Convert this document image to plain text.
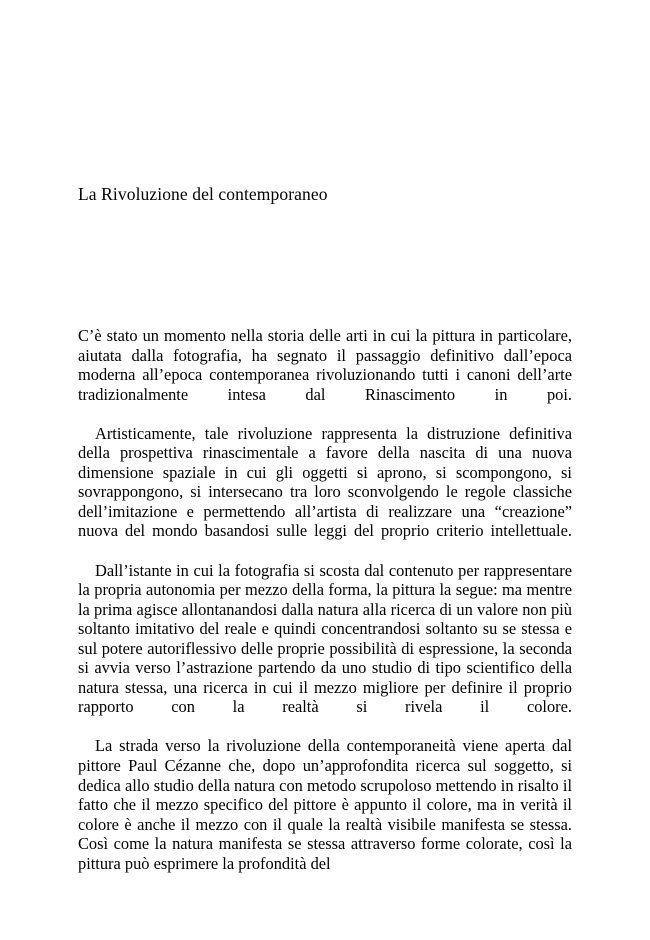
La Rivoluzione del contemporaneo

C’è stato un momento nella storia delle arti in cui la pittura in particolare, aiutata dalla fotografia, ha segnato il passaggio definitivo dall’epoca moderna all’epoca contemporanea rivoluzionando tutti i canoni dell’arte tradizionalmente intesa dal Rinascimento in poi.

Artisticamente, tale rivoluzione rappresenta la distruzione definitiva della prospettiva rinascimentale a favore della nascita di una nuova dimensione spaziale in cui gli oggetti si aprono, si scompongono, si sovrappongono, si intersecano tra loro sconvolgendo le regole classiche dell’imitazione e permettendo all’artista di realizzare una “creazione” nuova del mondo basandosi sulle leggi del proprio criterio intellettuale.

Dall’istante in cui la fotografia si scosta dal contenuto per rappresentare la propria autonomia per mezzo della forma, la pittura la segue: ma mentre la prima agisce allontanandosi dalla natura alla ricerca di un valore non più soltanto imitativo del reale e quindi concentrandosi soltanto su se stessa e sul potere autoriflessivo delle proprie possibilità di espressione, la seconda si avvia verso l’astrazione partendo da uno studio di tipo scientifico della natura stessa, una ricerca in cui il mezzo migliore per definire il proprio rapporto con la realtà si rivela il colore.

La strada verso la rivoluzione della contemporaneità viene aperta dal pittore Paul Cézanne che, dopo un’approfondita ricerca sul soggetto, si dedica allo studio della natura con metodo scrupoloso mettendo in risalto il fatto che il mezzo specifico del pittore è appunto il colore, ma in verità il colore è anche il mezzo con il quale la realtà visibile manifesta se stessa. Così come la natura manifesta se stessa attraverso forme colorate, così la pittura può esprimere la profondità del
